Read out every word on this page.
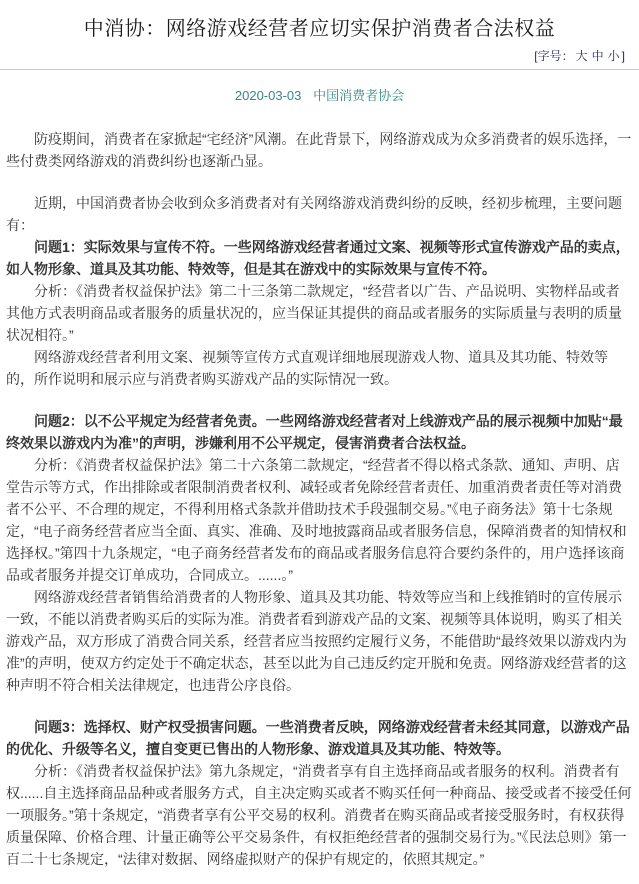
中消协：网络游戏经营者应切实保护消费者合法权益
[字号： 大 中 小 ]
2020-03-03 中国消费者协会

防疫期间，消费者在家掀起“宅经济”风潮。在此背景下，网络游戏成为众多消费者的娱乐选择，一些付费类网络游戏的消费纠纷也逐渐凸显。

近期，中国消费者协会收到众多消费者对有关网络游戏消费纠纷的反映，经初步梳理，主要问题有：

问题1：实际效果与宣传不符。一些网络游戏经营者通过文案、视频等形式宣传游戏产品的卖点，如人物形象、道具及其功能、特效等，但是其在游戏中的实际效果与宣传不符。

分析：《消费者权益保护法》第二十三条第二款规定，“经营者以广告、产品说明、实物样品或者其他方式表明商品或者服务的质量状况的，应当保证其提供的商品或者服务的实际质量与表明的质量状况相符。”

网络游戏经营者利用文案、视频等宣传方式直观详细地展现游戏人物、道具及其功能、特效等的，所作说明和展示应与消费者购买游戏产品的实际情况一致。

问题2：以不公平规定为经营者免责。一些网络游戏经营者对上线游戏产品的展示视频中加贴“最终效果以游戏内为准”的声明，涉嫌利用不公平规定，侵害消费者合法权益。

分析：《消费者权益保护法》第二十六条第二款规定，“经营者不得以格式条款、通知、声明、店堂告示等方式，作出排除或者限制消费者权利、减轻或者免除经营者责任、加重消费者责任等对消费者不公平、不合理的规定，不得利用格式条款并借助技术手段强制交易。”《电子商务法》第十七条规定，“电子商务经营者应当全面、真实、准确、及时地披露商品或者服务信息，保障消费者的知情权和选择权。”第四十九条规定，“电子商务经营者发布的商品或者服务信息符合要约条件的，用户选择该商品或者服务并提交订单成功，合同成立。......。”

网络游戏经营者销售给消费者的人物形象、道具及其功能、特效等应当和上线推销时的宣传展示一致，不能以消费者购买后的实际为准。消费者看到游戏产品的文案、视频等具体说明，购买了相关游戏产品，双方形成了消费合同关系，经营者应当按照约定履行义务，不能借助“最终效果以游戏内为准”的声明，使双方约定处于不确定状态，甚至以此为自己违反约定开脱和免责。网络游戏经营者的这种声明不符合相关法律规定，也违背公序良俗。

问题3：选择权、财产权受损害问题。一些消费者反映，网络游戏经营者未经其同意，以游戏产品的优化、升级等名义，擅自变更已售出的人物形象、游戏道具及其功能、特效等。

分析：《消费者权益保护法》第九条规定，“消费者享有自主选择商品或者服务的权利。消费者有权......自主选择商品品种或者服务方式，自主决定购买或者不购买任何一种商品、接受或者不接受任何一项服务。”第十条规定，“消费者享有公平交易的权利。消费者在购买商品或者接受服务时，有权获得质量保障、价格合理、计量正确等公平交易条件，有权拒绝经营者的强制交易行为。”《民法总则》第一百二十七条规定，“法律对数据、网络虚拟财产的保护有规定的，依照其规定。”
